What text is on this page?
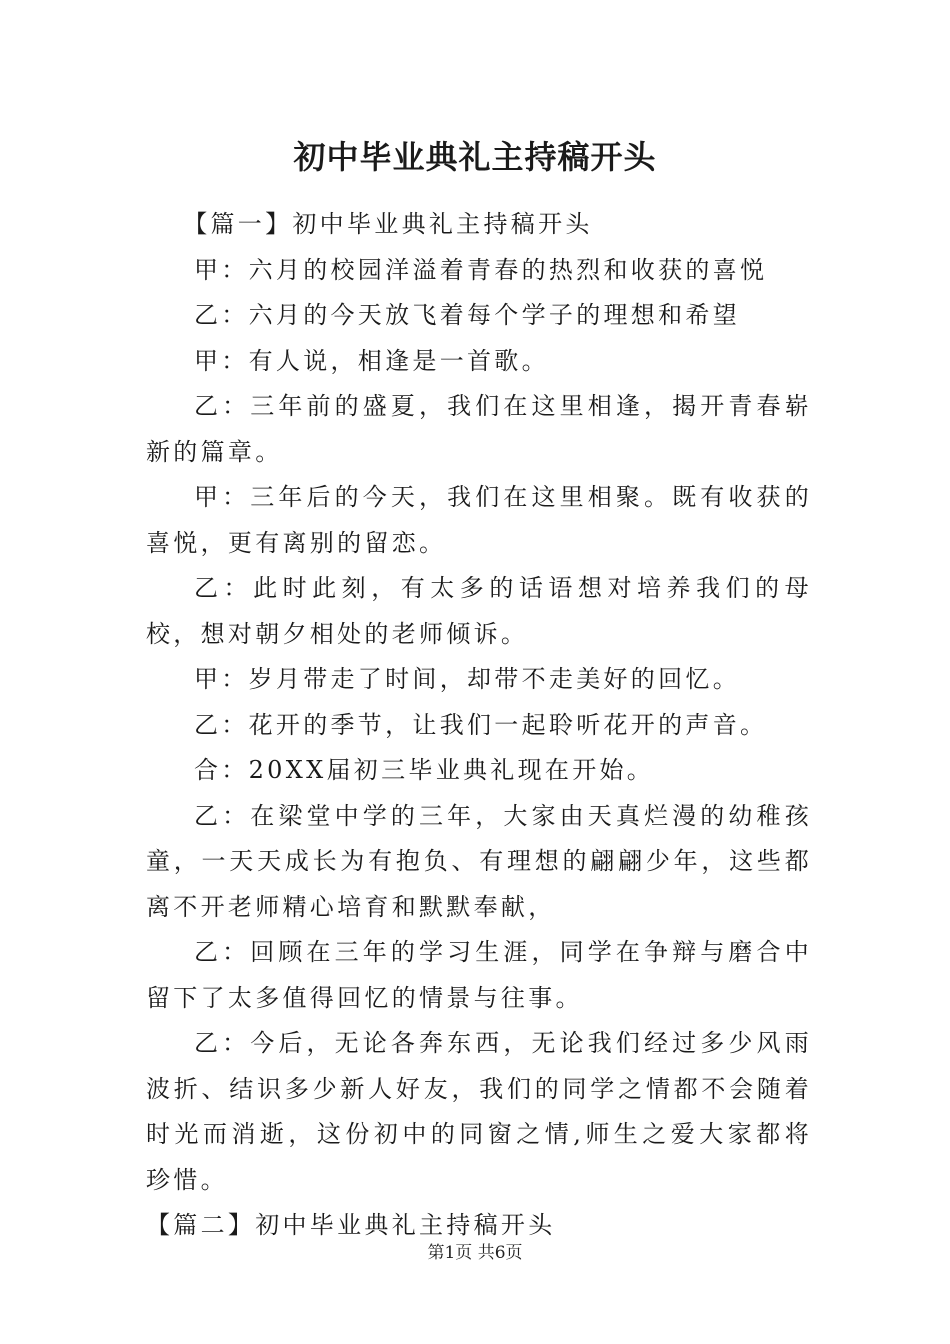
初中毕业典礼主持稿开头

【篇一】初中毕业典礼主持稿开头

甲：六月的校园洋溢着青春的热烈和收获的喜悦

乙：六月的今天放飞着每个学子的理想和希望

甲：有人说，相逢是一首歌。

乙：三年前的盛夏，我们在这里相逢，揭开青春崭新的篇章。

甲：三年后的今天，我们在这里相聚。既有收获的喜悦，更有离别的留恋。

乙：此时此刻，有太多的话语想对培养我们的母校，想对朝夕相处的老师倾诉。

甲：岁月带走了时间，却带不走美好的回忆。

乙：花开的季节，让我们一起聆听花开的声音。

合：20XX届初三毕业典礼现在开始。

乙：在梁堂中学的三年，大家由天真烂漫的幼稚孩童，一天天成长为有抱负、有理想的翩翩少年，这些都离不开老师精心培育和默默奉献，

乙：回顾在三年的学习生涯，同学在争辩与磨合中留下了太多值得回忆的情景与往事。

乙：今后，无论各奔东西，无论我们经过多少风雨波折、结识多少新人好友，我们的同学之情都不会随着时光而消逝，这份初中的同窗之情,师生之爱大家都将珍惜。

【篇二】初中毕业典礼主持稿开头

第1页 共6页
